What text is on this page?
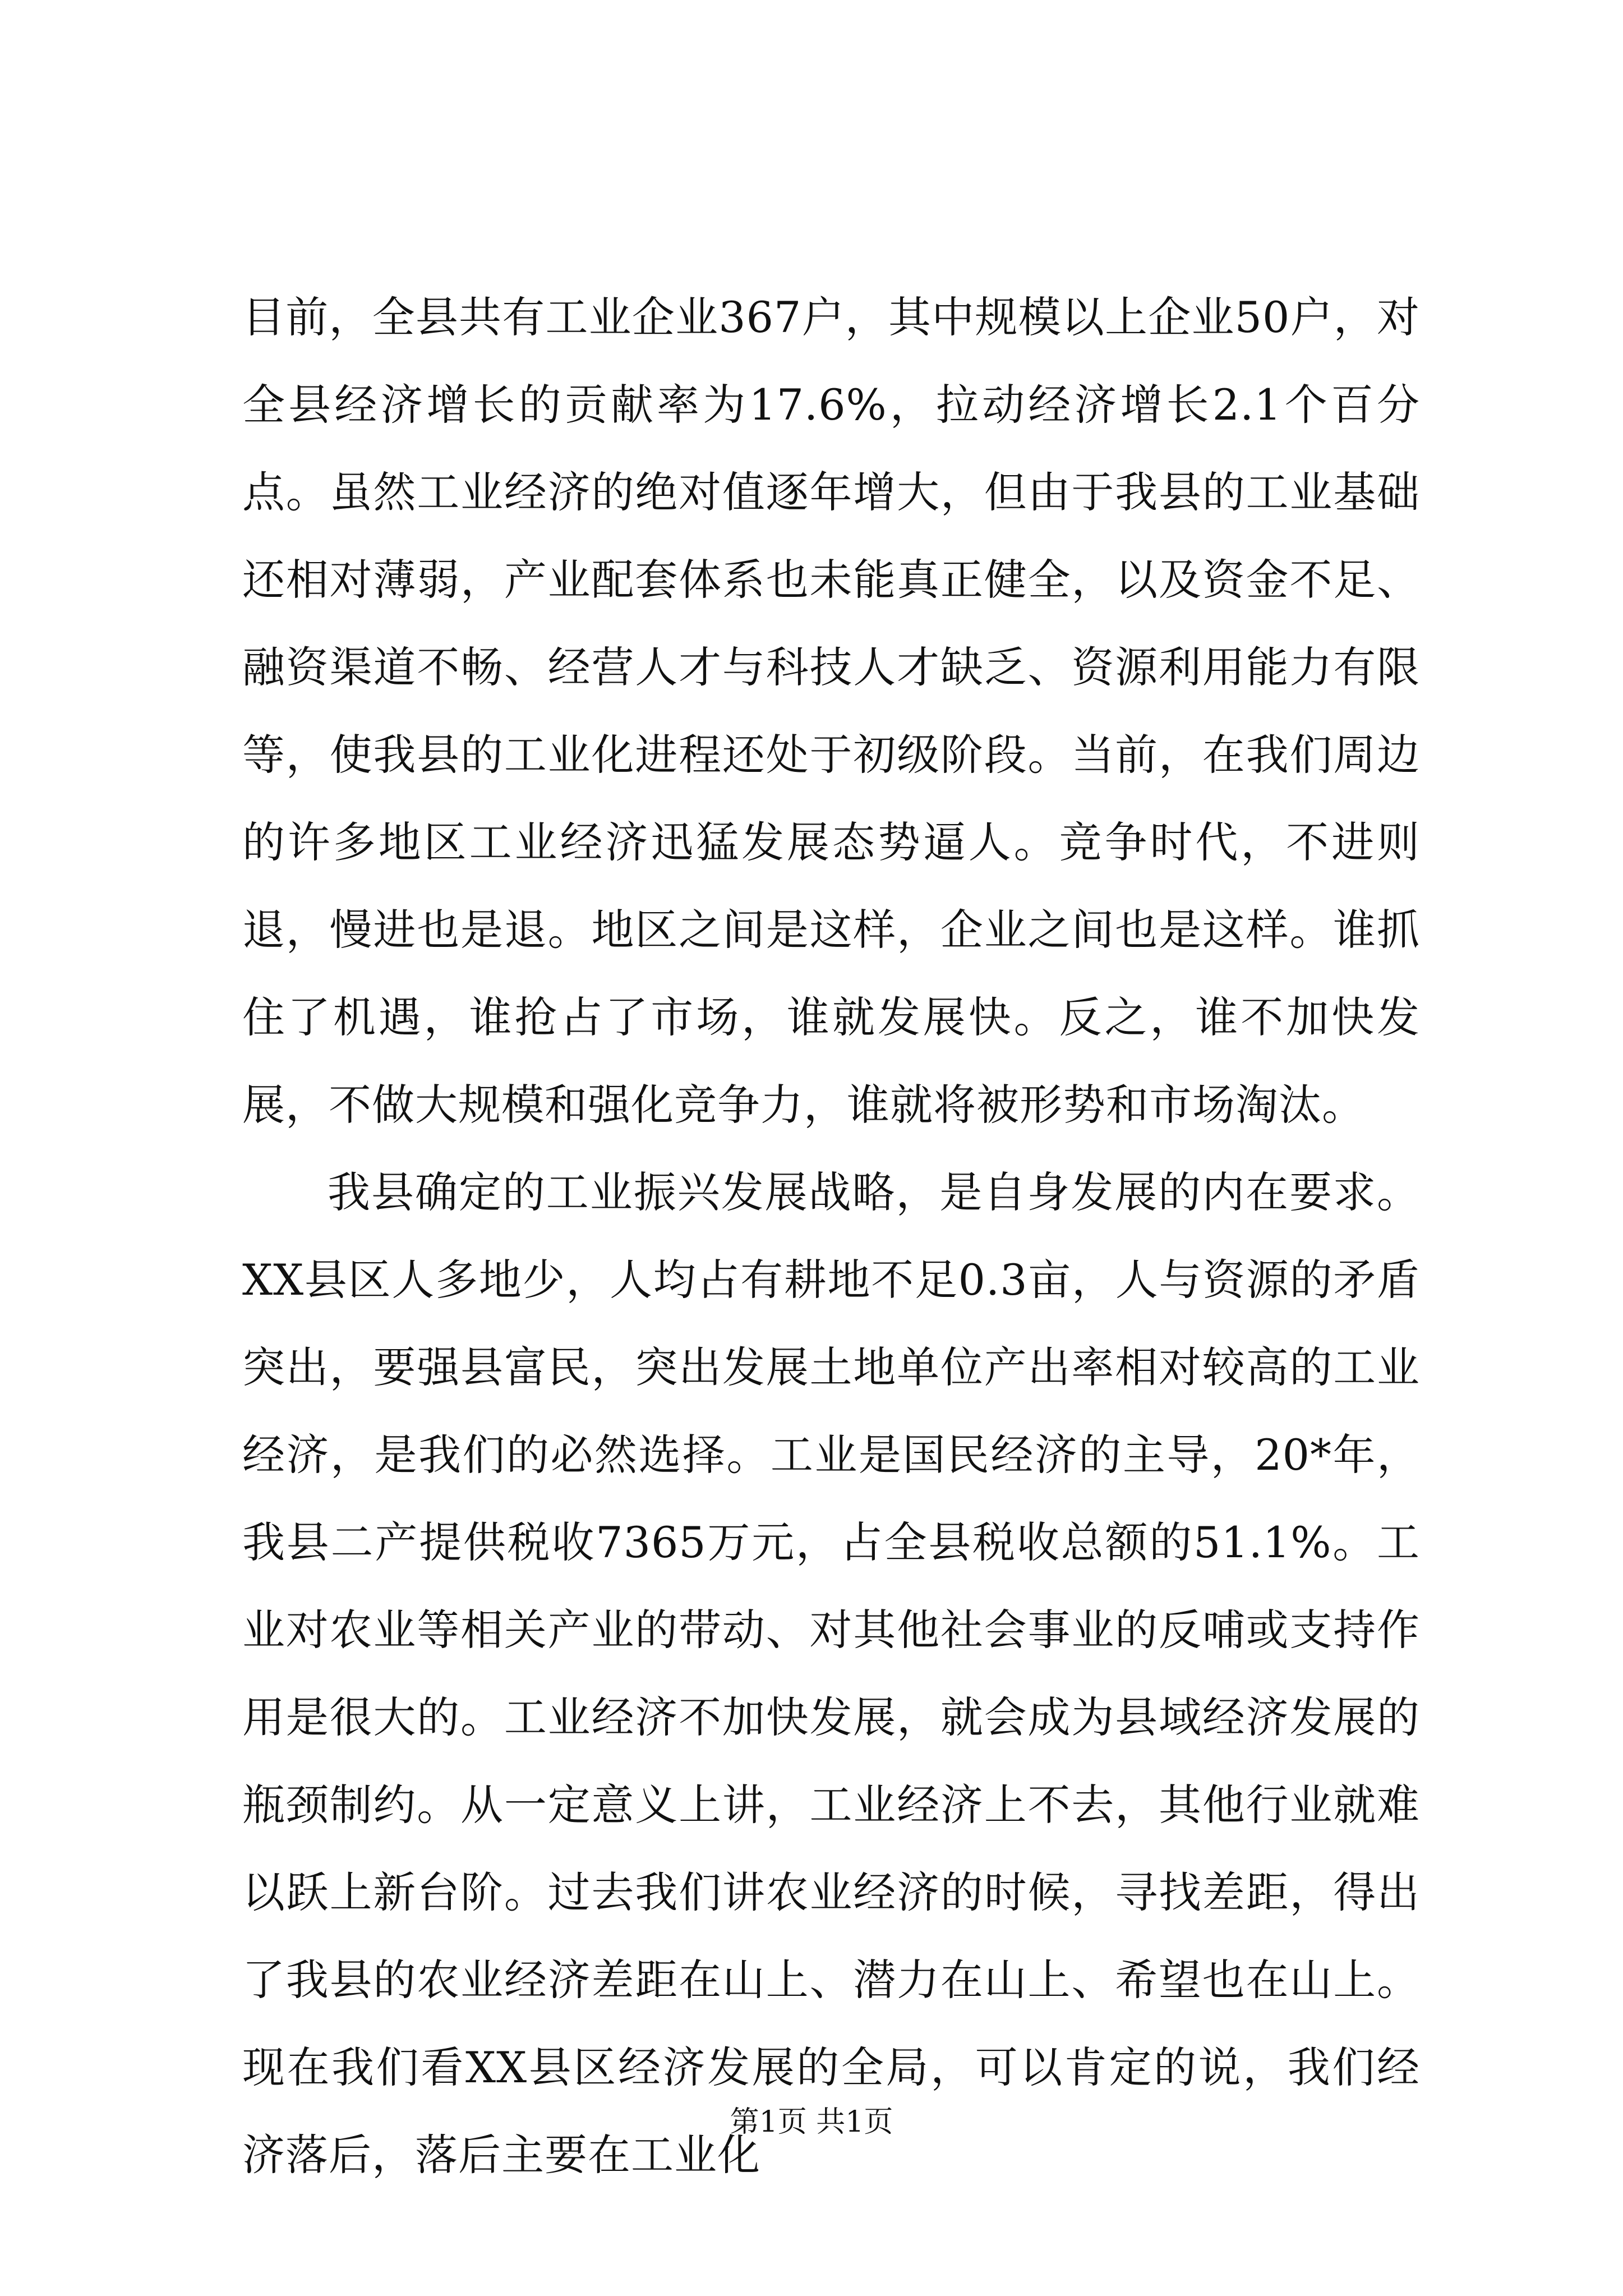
目前，全县共有工业企业367户，其中规模以上企业50户，对全县经济增长的贡献率为17.6%，拉动经济增长2.1个百分点。虽然工业经济的绝对值逐年增大，但由于我县的工业基础还相对薄弱，产业配套体系也未能真正健全，以及资金不足、融资渠道不畅、经营人才与科技人才缺乏、资源利用能力有限等，使我县的工业化进程还处于初级阶段。当前，在我们周边的许多地区工业经济迅猛发展态势逼人。竞争时代，不进则退，慢进也是退。地区之间是这样，企业之间也是这样。谁抓住了机遇，谁抢占了市场，谁就发展快。反之，谁不加快发展，不做大规模和强化竞争力，谁就将被形势和市场淘汰。

我县确定的工业振兴发展战略，是自身发展的内在要求。XX县区人多地少，人均占有耕地不足0.3亩，人与资源的矛盾突出，要强县富民，突出发展土地单位产出率相对较高的工业经济，是我们的必然选择。工业是国民经济的主导，20*年，我县二产提供税收7365万元，占全县税收总额的51.1%。工业对农业等相关产业的带动、对其他社会事业的反哺或支持作用是很大的。工业经济不加快发展，就会成为县域经济发展的瓶颈制约。从一定意义上讲，工业经济上不去，其他行业就难以跃上新台阶。过去我们讲农业经济的时候，寻找差距，得出了我县的农业经济差距在山上、潜力在山上、希望也在山上。现在我们看XX县区经济发展的全局，可以肯定的说，我们经济落后，落后主要在工业化

第1页 共1页
